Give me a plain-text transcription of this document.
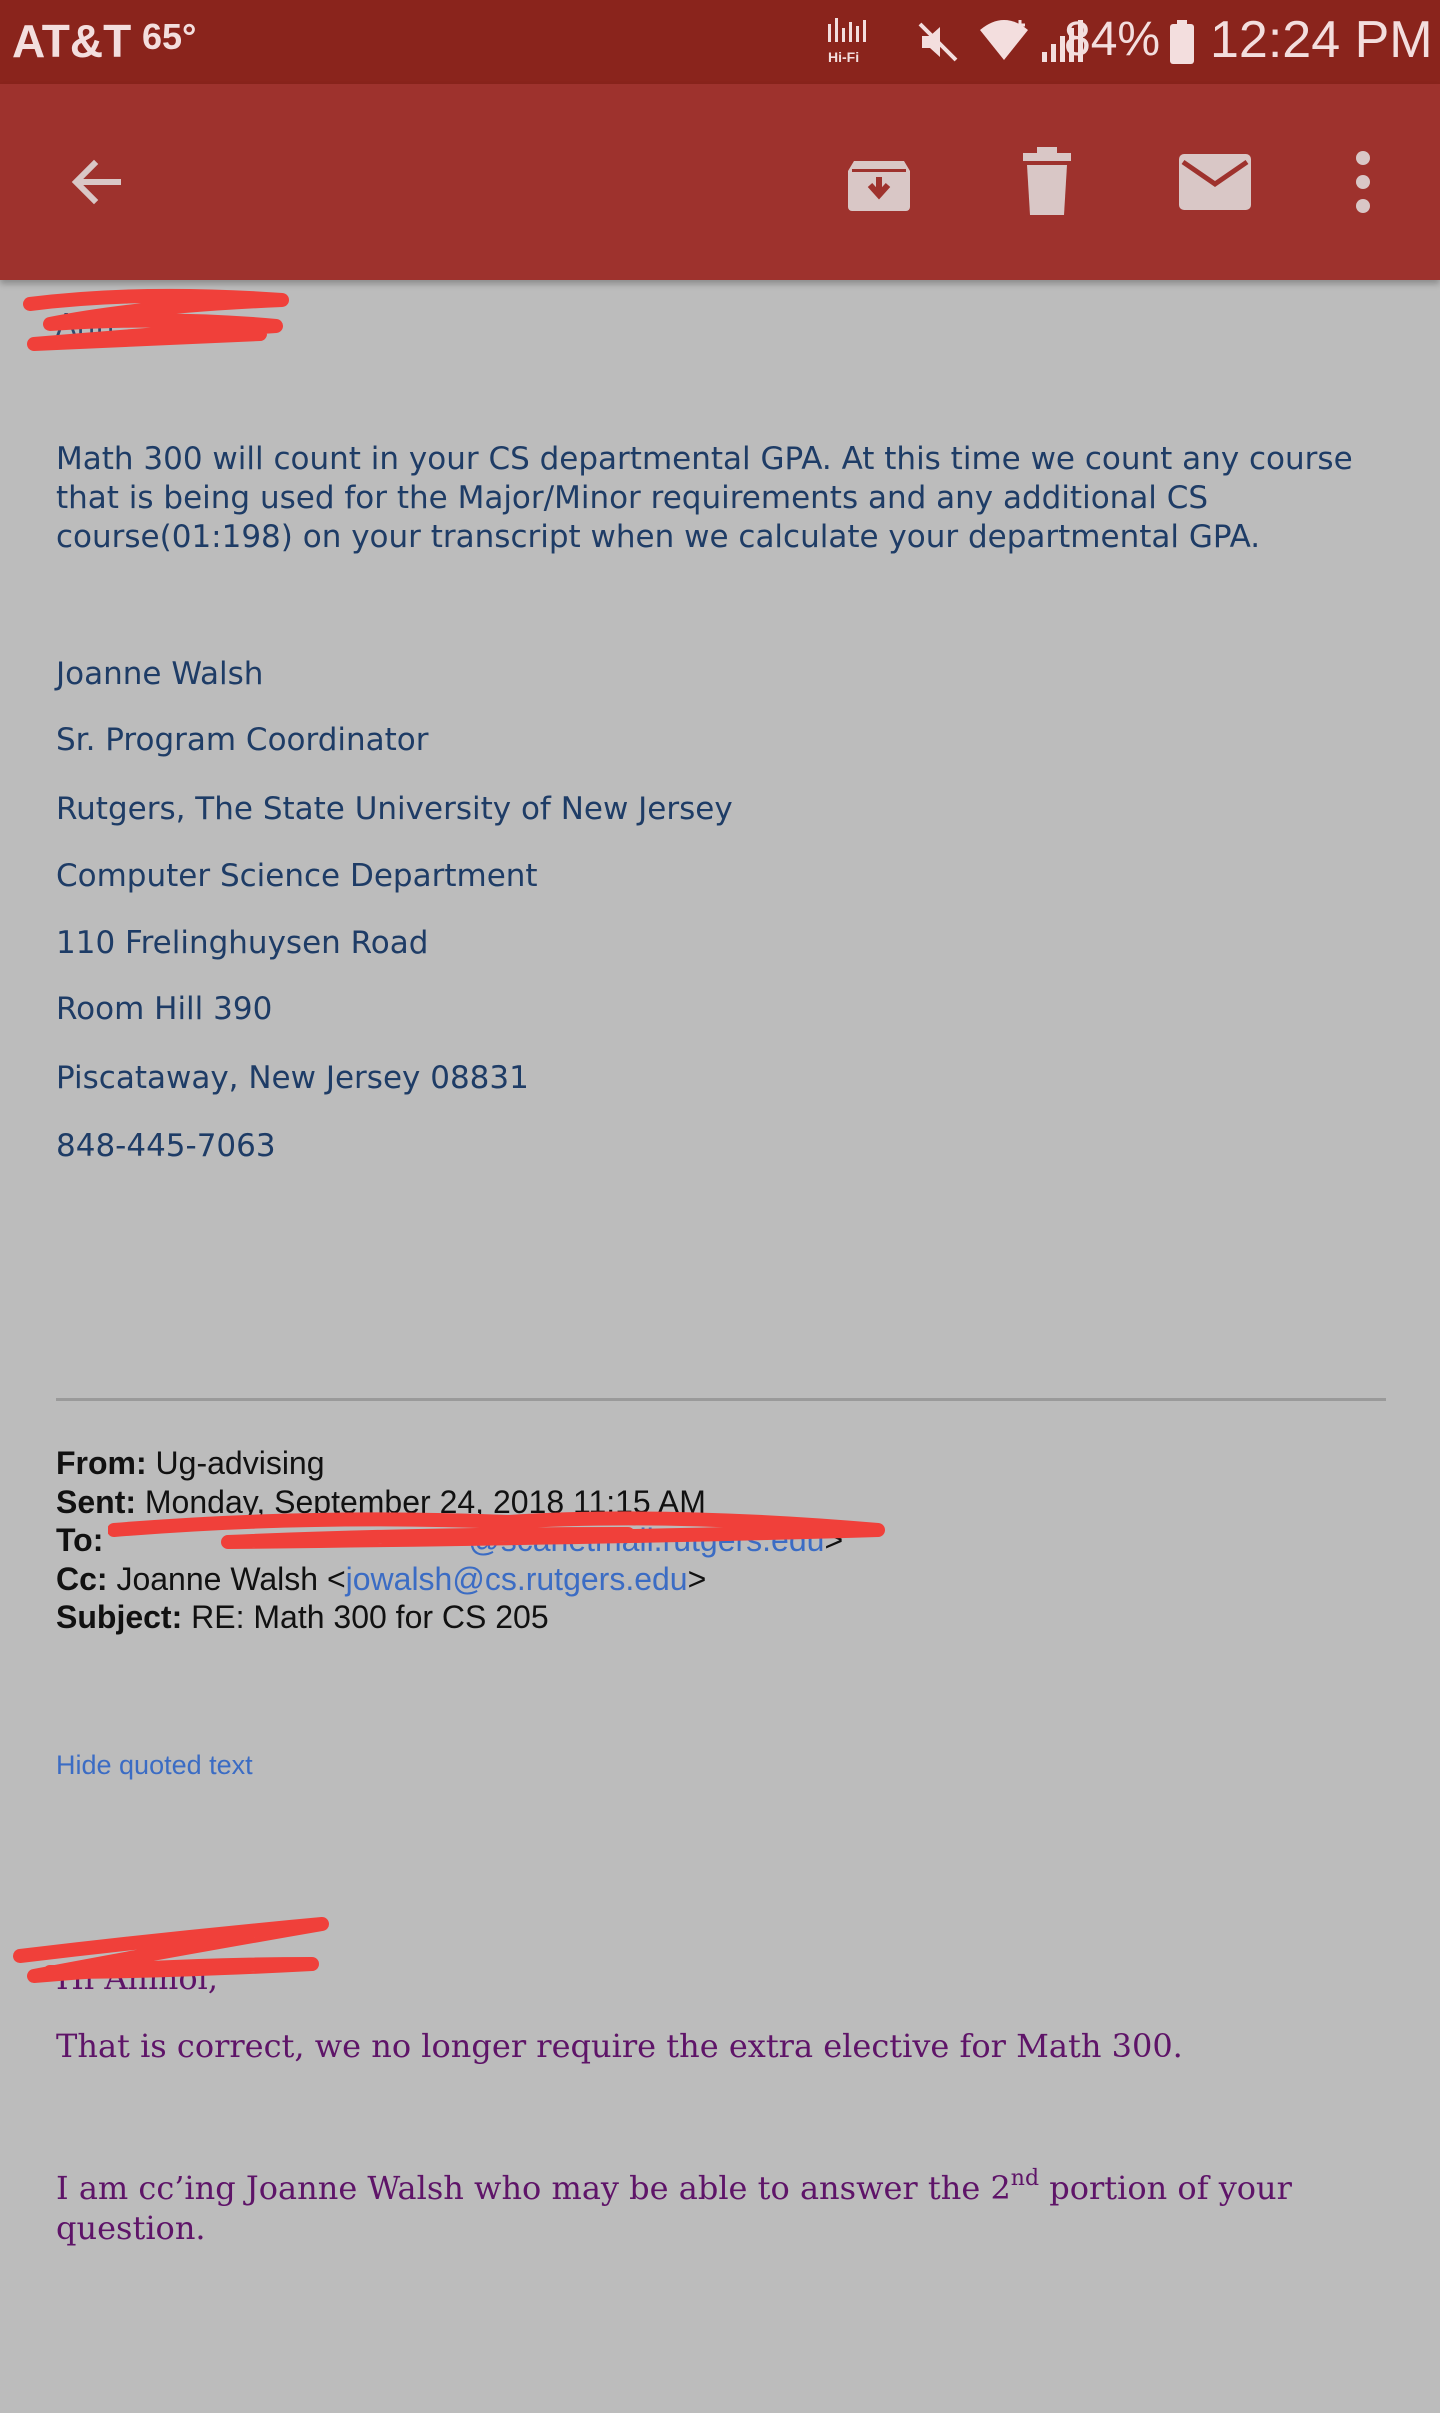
AT&T 65°	Hi-Fi	84% 12:24 PM
Ann

Math 300 will count in your CS departmental GPA. At this time we count any course that is being used for the Major/Minor requirements and any additional CS course(01:198) on your transcript when we calculate your departmental GPA.

Joanne Walsh
Sr. Program Coordinator
Rutgers, The State University of New Jersey
Computer Science Department
110 Frelinghuysen Road
Room Hill 390
Piscataway, New Jersey 08831
848-445-7063
From: Ug-advising
Sent: Monday, September 24, 2018 11:15 AM
To:	@scarletmail.rutgers.edu>
Cc: Joanne Walsh <jowalsh@cs.rutgers.edu>
Subject: RE: Math 300 for CS 205
Hide quoted text
Hi Anmol,
That is correct, we no longer require the extra elective for Math 300.
I am cc’ing Joanne Walsh who may be able to answer the 2nd portion of your question.
